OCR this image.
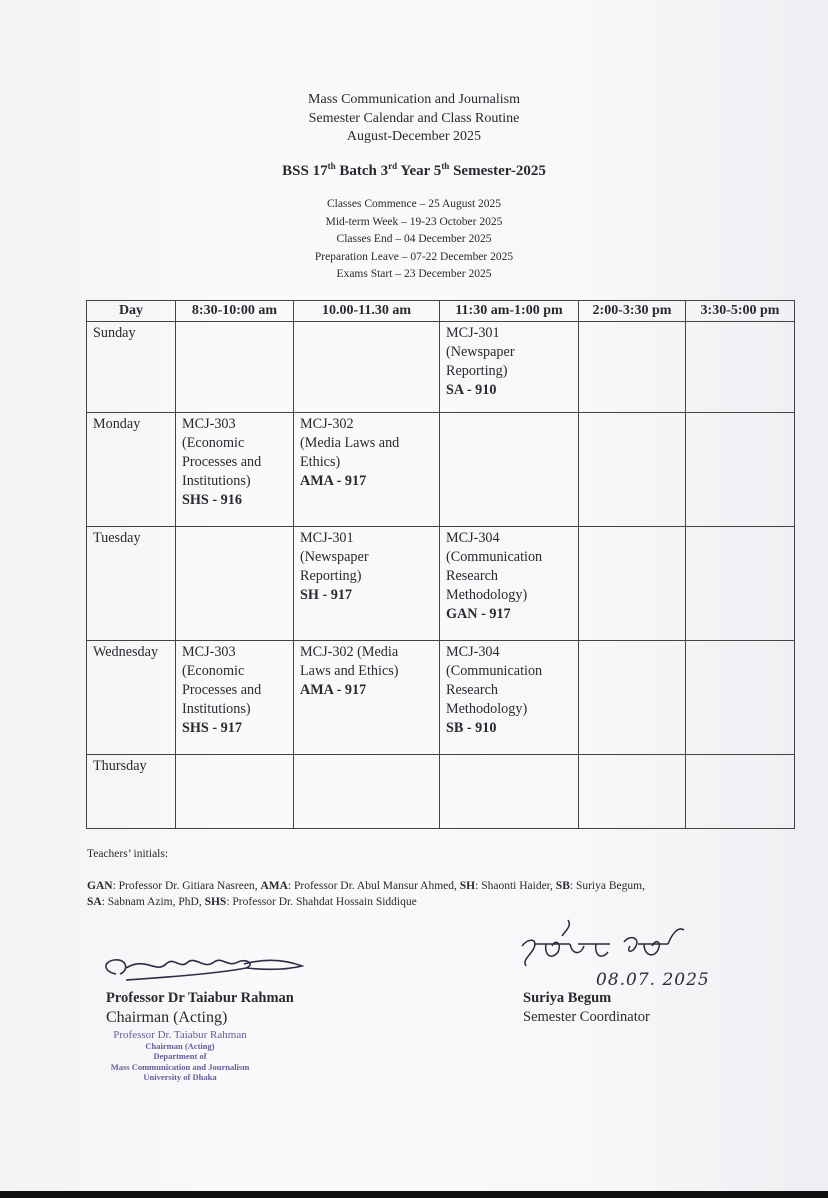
Mass Communication and Journalism
Semester Calendar and Class Routine
August-December 2025
BSS 17th Batch 3rd Year 5th Semester-2025
Classes Commence – 25 August 2025
Mid-term Week – 19-23 October 2025
Classes End – 04 December 2025
Preparation Leave – 07-22 December 2025
Exams Start – 23 December 2025
Day	8:30-10:00 am	10.00-11.30 am	11:30 am-1:00 pm	2:00-3:30 pm	3:30-5:00 pm
Sunday			MCJ-301
(Newspaper
Reporting)
SA - 910		

Monday	MCJ-303
(Economic
Processes and
Institutions)
SHS - 916	MCJ-302
(Media Laws and
Ethics)
AMA - 917			

Tuesday		MCJ-301
(Newspaper
Reporting)
SH - 917	MCJ-304
(Communication
Research
Methodology)
GAN - 917		

Wednesday	MCJ-303
(Economic
Processes and
Institutions)
SHS - 917	MCJ-302 (Media
Laws and Ethics)
AMA - 917	MCJ-304
(Communication
Research
Methodology)
SB - 910		

Thursday					
Teachers’ initials:
GAN: Professor Dr. Gitiara Nasreen, AMA: Professor Dr. Abul Mansur Ahmed, SH: Shaonti Haider, SB: Suriya Begum,
SA: Sabnam Azim, PhD, SHS: Professor Dr. Shahdat Hossain Siddique
Professor Dr Taiabur Rahman
Chairman (Acting)
Professor Dr. Taiabur Rahman
Chairman (Acting)
Department of
Mass Communication and Journalism
University of Dhaka
08.07. 2025
Suriya Begum
Semester Coordinator
